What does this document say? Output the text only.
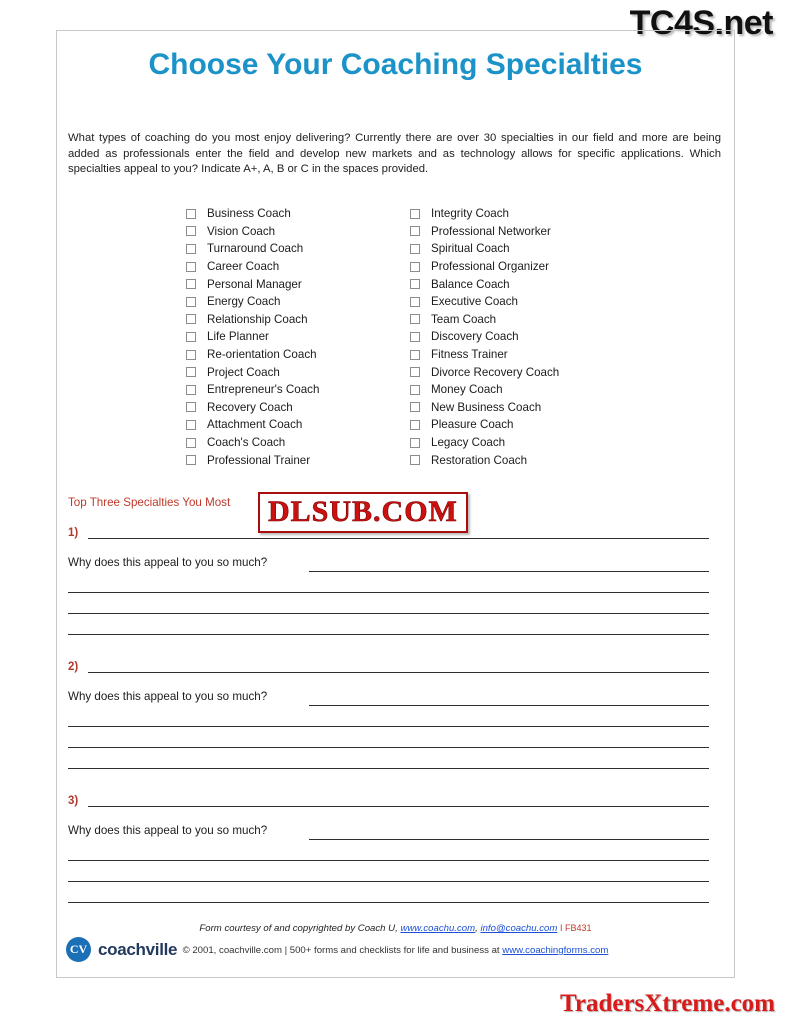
TC4S.net
Choose Your Coaching Specialties
What types of coaching do you most enjoy delivering? Currently there are over 30 specialties in our field and more are being added as professionals enter the field and develop new markets and as technology allows for specific applications. Which specialties appeal to you? Indicate A+, A, B or C in the spaces provided.
Business Coach
Vision Coach
Turnaround Coach
Career Coach
Personal Manager
Energy Coach
Relationship Coach
Life Planner
Re-orientation Coach
Project Coach
Entrepreneur's Coach
Recovery Coach
Attachment Coach
Coach's Coach
Professional Trainer
Integrity Coach
Professional Networker
Spiritual Coach
Professional Organizer
Balance Coach
Executive Coach
Team Coach
Discovery Coach
Fitness Trainer
Divorce Recovery Coach
Money Coach
New Business Coach
Pleasure Coach
Legacy Coach
Restoration Coach
Top Three Specialties You Most
1)
Why does this appeal to you so much?
2)
Why does this appeal to you so much?
3)
Why does this appeal to you so much?
Form courtesy of and copyrighted by Coach U, www.coachu.com, info@coachu.com I FB431
© 2001, coachville.com | 500+ forms and checklists for life and business at www.coachingforms.com
CV coachville
DLSUB.COM
TradersXtreme.com
